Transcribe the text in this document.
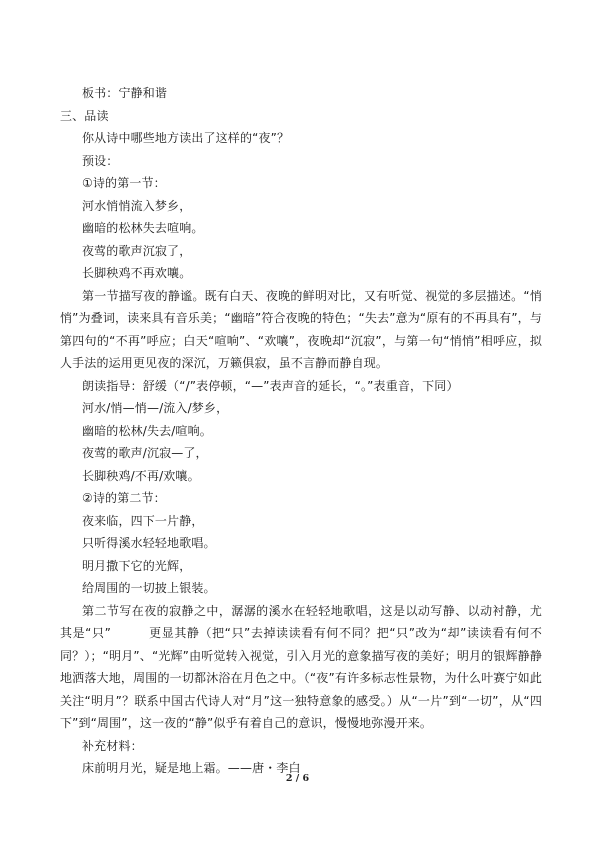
板书：宁静和谐
三、品读
你从诗中哪些地方读出了这样的“夜”？
预设：
①诗的第一节：
河水悄悄流入梦乡，
幽暗的松林失去喧响。
夜莺的歌声沉寂了，
长脚秧鸡不再欢嚷。
第一节描写夜的静谧。既有白天、夜晚的鲜明对比，又有听觉、视觉的多层描述。“悄悄”为叠词，读来具有音乐美；“幽暗”符合夜晚的特色；“失去”意为“原有的不再具有”，与第四句的“不再”呼应；白天“喧响”、“欢嚷”，夜晚却“沉寂”，与第一句“悄悄”相呼应，拟人手法的运用更见夜的深沉，万籁俱寂，虽不言静而静自现。
朗读指导：舒缓（“/”表停顿，“—”表声音的延长，“。”表重音，下同）
河水/悄—悄—/流入/梦乡，
幽暗的松林/失去/喧响。
夜莺的歌声/沉寂—了，
长脚秧鸡/不再/欢嚷。
②诗的第二节：
夜来临，四下一片静，
只听得溪水轻轻地歌唱。
明月撒下它的光辉，
给周围的一切披上银装。
第二节写在夜的寂静之中，潺潺的溪水在轻轻地歌唱，这是以动写静、以动衬静，尤其是“只”　　　更显其静（把“只”去掉读读看有何不同？把“只”改为“却”读读看有何不同？）；“明月”、“光辉”由听觉转入视觉，引入月光的意象描写夜的美好；明月的银辉静静地洒落大地，周围的一切都沐浴在月色之中。（“夜”有许多标志性景物，为什么叶赛宁如此关注“明月”？联系中国古代诗人对“月”这一独特意象的感受。）从“一片”到“一切”，从“四下”到“周围”，这一夜的“静”似乎有着自己的意识，慢慢地弥漫开来。
补充材料：
床前明月光，疑是地上霜。——唐・李白
2 / 6
